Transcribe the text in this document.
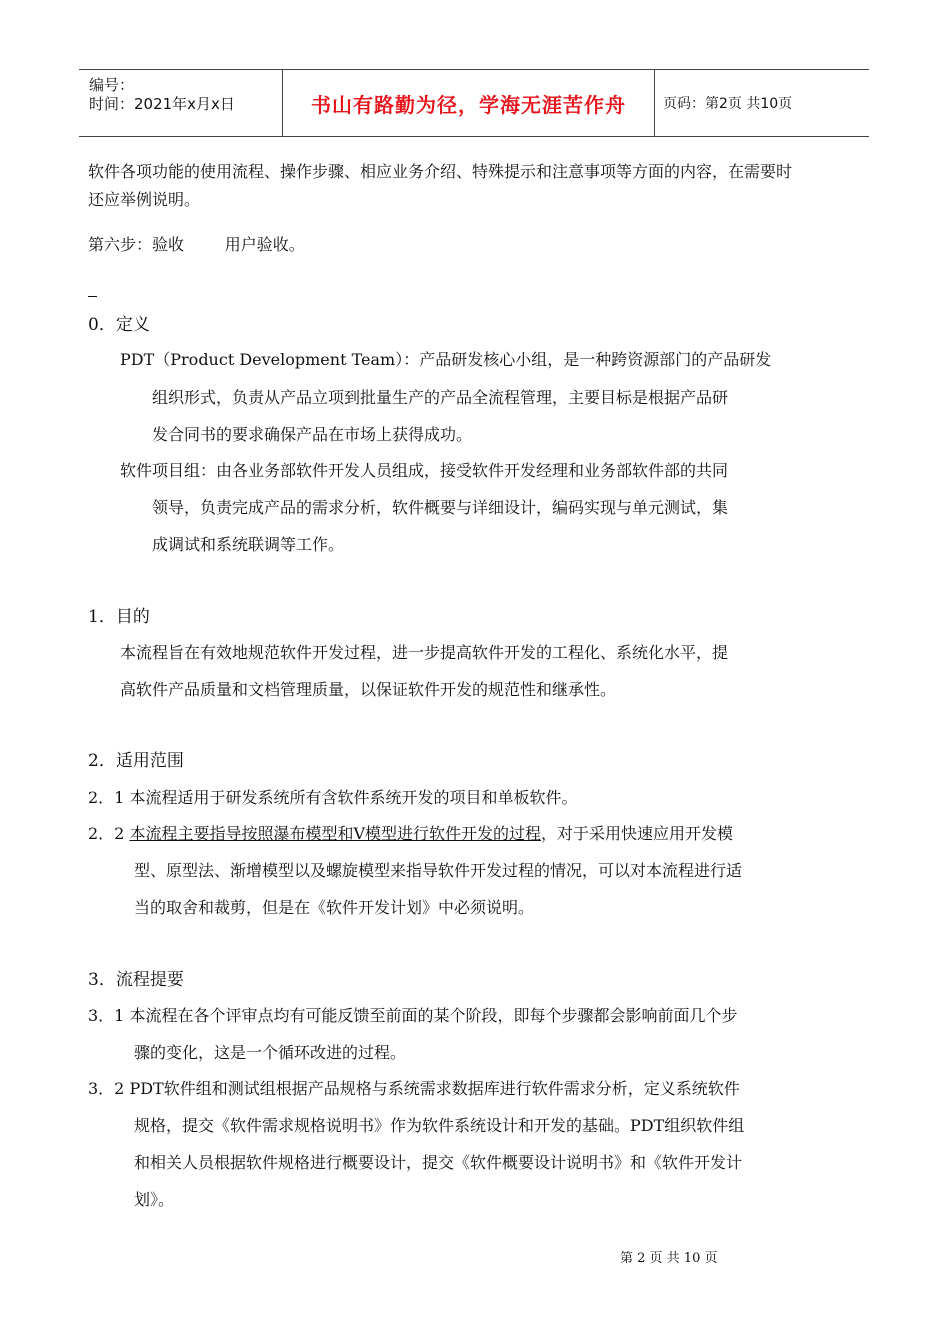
编号：
时间：2021年x月x日	书山有路勤为径，学海无涯苦作舟	页码：第2页 共10页
软件各项功能的使用流程、操作步骤、相应业务介绍、特殊提示和注意事项等方面的内容，在需要时
还应举例说明。
第六步：验收        用户验收。
0．定义
PDT（Product Development Team）：产品研发核心小组，是一种跨资源部门的产品研发
组织形式，负责从产品立项到批量生产的产品全流程管理，主要目标是根据产品研
发合同书的要求确保产品在市场上获得成功。
软件项目组：由各业务部软件开发人员组成，接受软件开发经理和业务部软件部的共同
领导，负责完成产品的需求分析，软件概要与详细设计，编码实现与单元测试，集
成调试和系统联调等工作。
1．目的
本流程旨在有效地规范软件开发过程，进一步提高软件开发的工程化、系统化水平，提
高软件产品质量和文档管理质量，以保证软件开发的规范性和继承性。
2．适用范围
2．1 本流程适用于研发系统所有含软件系统开发的项目和单板软件。
2．2 本流程主要指导按照瀑布模型和V模型进行软件开发的过程，对于采用快速应用开发模
型、原型法、渐增模型以及螺旋模型来指导软件开发过程的情况，可以对本流程进行适
当的取舍和裁剪，但是在《软件开发计划》中必须说明。
3．流程提要
3．1 本流程在各个评审点均有可能反馈至前面的某个阶段，即每个步骤都会影响前面几个步
骤的变化，这是一个循环改进的过程。
3．2 PDT软件组和测试组根据产品规格与系统需求数据库进行软件需求分析，定义系统软件
规格，提交《软件需求规格说明书》作为软件系统设计和开发的基础。PDT组织软件组
和相关人员根据软件规格进行概要设计，提交《软件概要设计说明书》和《软件开发计
划》。
第 2 页 共 10 页
